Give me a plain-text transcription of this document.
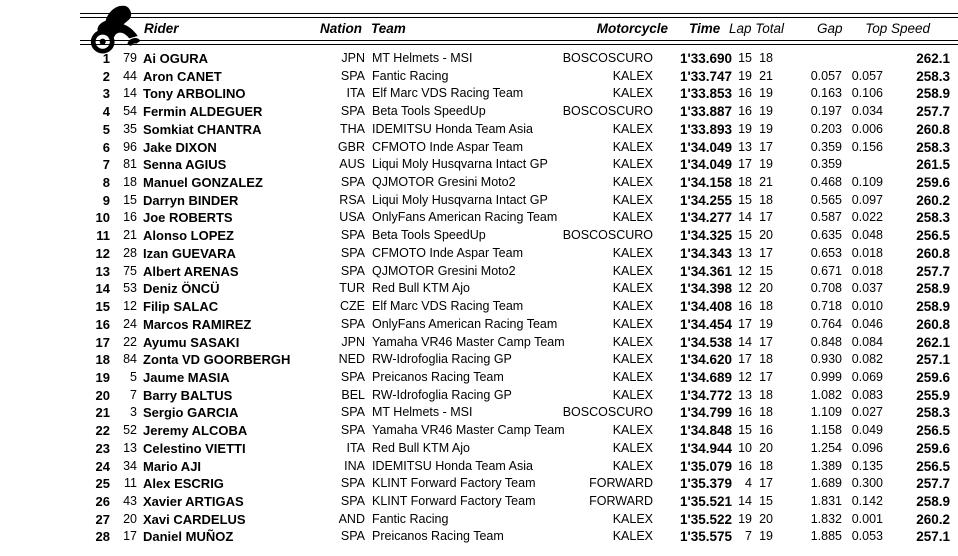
Rider	Nation Team	Motorcycle Time Lap Total Gap	Top Speed
1	79 Ai OGURA	JPN MT Helmets - MSI	BOSCOSCURO	1'33.690 15 18	262.1
2	44 Aron CANET	SPA Fantic Racing	KALEX	1'33.747 19 21	0.057 0.057	258.3
3	14 Tony ARBOLINO	ITA Elf Marc VDS Racing Team	KALEX	1'33.853 16 19	0.163 0.106	258.9
4	54 Fermin ALDEGUER	SPA Beta Tools SpeedUp	BOSCOSCURO	1'33.887 16 19	0.197 0.034	257.7
5	35 Somkiat CHANTRA	THA IDEMITSU Honda Team Asia	KALEX	1'33.893 19 19	0.203 0.006	260.8
6	96 Jake DIXON	GBR CFMOTO Inde Aspar Team	KALEX	1'34.049 13 17	0.359 0.156	258.3
7	81 Senna AGIUS	AUS Liqui Moly Husqvarna Intact GP	KALEX	1'34.049 17 19	0.359	261.5
8	18 Manuel GONZALEZ	SPA QJMOTOR Gresini Moto2	KALEX	1'34.158 18 21	0.468 0.109	259.6
9	15 Darryn BINDER	RSA Liqui Moly Husqvarna Intact GP	KALEX	1'34.255 15 18	0.565 0.097	260.2
10	16 Joe ROBERTS	USA OnlyFans American Racing Team	KALEX	1'34.277 14 17	0.587 0.022	258.3
11	21 Alonso LOPEZ	SPA Beta Tools SpeedUp	BOSCOSCURO	1'34.325 15 20	0.635 0.048	256.5
12	28 Izan GUEVARA	SPA CFMOTO Inde Aspar Team	KALEX	1'34.343 13 17	0.653 0.018	260.8
13	75 Albert ARENAS	SPA QJMOTOR Gresini Moto2	KALEX	1'34.361 12 15	0.671 0.018	257.7
14	53 Deniz ÖNCÜ	TUR Red Bull KTM Ajo	KALEX	1'34.398 12 20	0.708 0.037	258.9
15	12 Filip SALAC	CZE Elf Marc VDS Racing Team	KALEX	1'34.408 16 18	0.718 0.010	258.9
16	24 Marcos RAMIREZ	SPA OnlyFans American Racing Team	KALEX	1'34.454 17 19	0.764 0.046	260.8
17	22 Ayumu SASAKI	JPN Yamaha VR46 Master Camp Team	KALEX	1'34.538 14 17	0.848 0.084	262.1
18	84 Zonta VD GOORBERGH	NED RW-Idrofoglia Racing GP	KALEX	1'34.620 17 18	0.930 0.082	257.1
19	5 Jaume MASIA	SPA Preicanos Racing Team	KALEX	1'34.689 12 17	0.999 0.069	259.6
20	7 Barry BALTUS	BEL RW-Idrofoglia Racing GP	KALEX	1'34.772 13 18	1.082 0.083	255.9
21	3 Sergio GARCIA	SPA MT Helmets - MSI	BOSCOSCURO	1'34.799 16 18	1.109 0.027	258.3
22	52 Jeremy ALCOBA	SPA Yamaha VR46 Master Camp Team	KALEX	1'34.848 15 16	1.158 0.049	256.5
23	13 Celestino VIETTI	ITA Red Bull KTM Ajo	KALEX	1'34.944 10 20	1.254 0.096	259.6
24	34 Mario AJI	INA IDEMITSU Honda Team Asia	KALEX	1'35.079 16 18	1.389 0.135	256.5
25	11 Alex ESCRIG	SPA KLINT Forward Factory Team	FORWARD	1'35.379	4 17	1.689 0.300	257.7
26	43 Xavier ARTIGAS	SPA KLINT Forward Factory Team	FORWARD	1'35.521 14 15	1.831 0.142	258.9
27	20 Xavi CARDELUS	AND Fantic Racing	KALEX	1'35.522 19 20	1.832 0.001	260.2
28	17 Daniel MUÑOZ	SPA Preicanos Racing Team	KALEX	1'35.575	7 19	1.885 0.053	257.1
